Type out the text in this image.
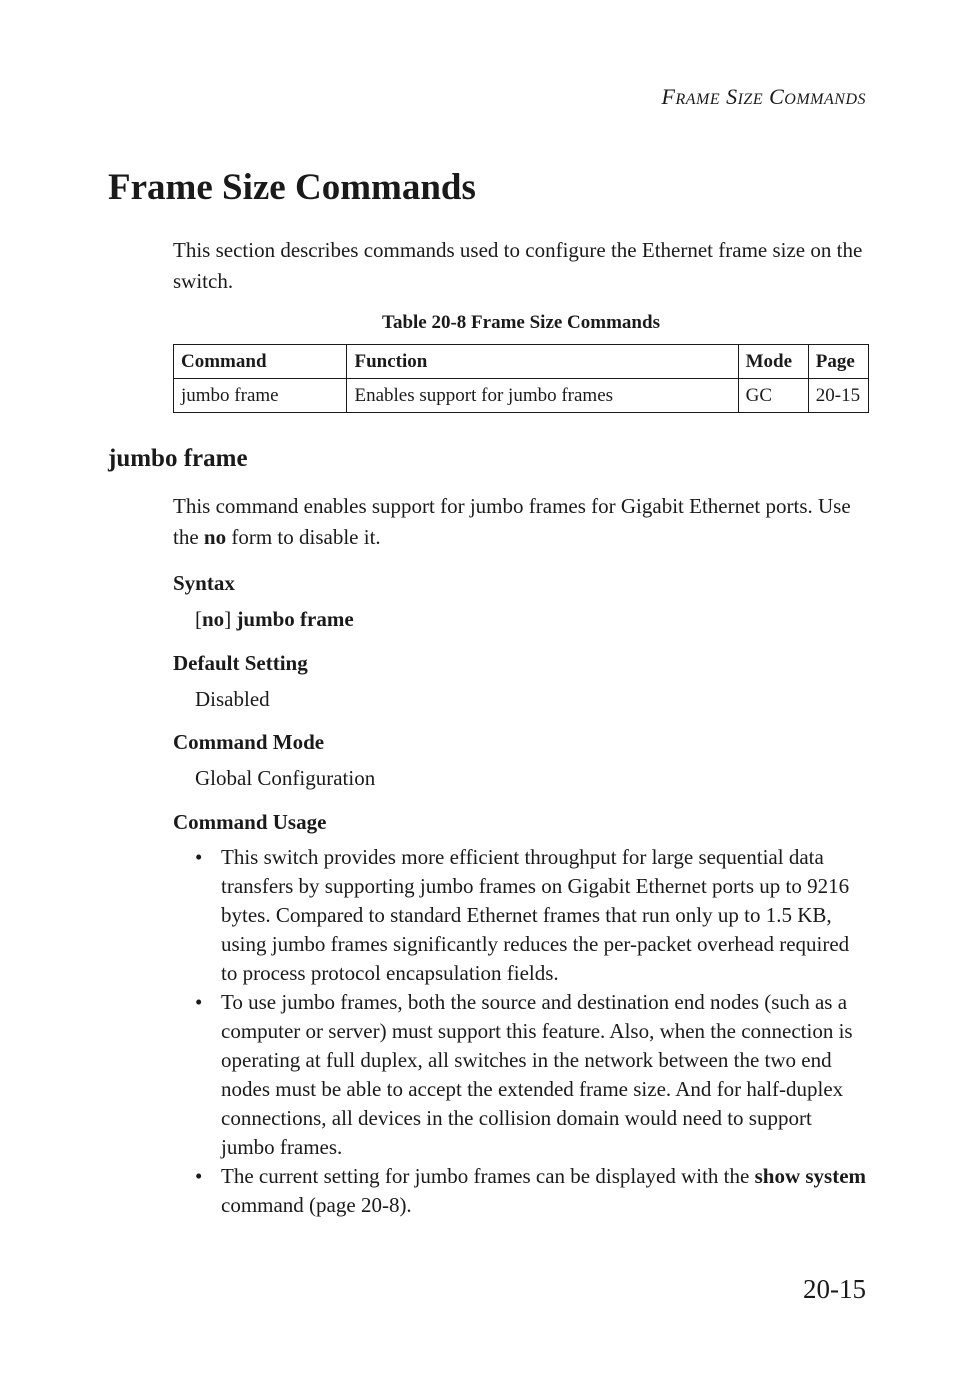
FRAME SIZE COMMANDS
Frame Size Commands

This section describes commands used to configure the Ethernet frame size on the switch.

Table 20-8 Frame Size Commands
Command	Function	Mode	Page
jumbo frame	Enables support for jumbo frames	GC	20-15
jumbo frame

This command enables support for jumbo frames for Gigabit Ethernet ports. Use the no form to disable it.

Syntax

[no] jumbo frame

Default Setting

Disabled

Command Mode

Global Configuration

Command Usage

• This switch provides more efficient throughput for large sequential data transfers by supporting jumbo frames on Gigabit Ethernet ports up to 9216 bytes. Compared to standard Ethernet frames that run only up to 1.5 KB, using jumbo frames significantly reduces the per-packet overhead required to process protocol encapsulation fields.
• To use jumbo frames, both the source and destination end nodes (such as a computer or server) must support this feature. Also, when the connection is operating at full duplex, all switches in the network between the two end nodes must be able to accept the extended frame size. And for half-duplex connections, all devices in the collision domain would need to support jumbo frames.
• The current setting for jumbo frames can be displayed with the show system command (page 20-8).
20-15
